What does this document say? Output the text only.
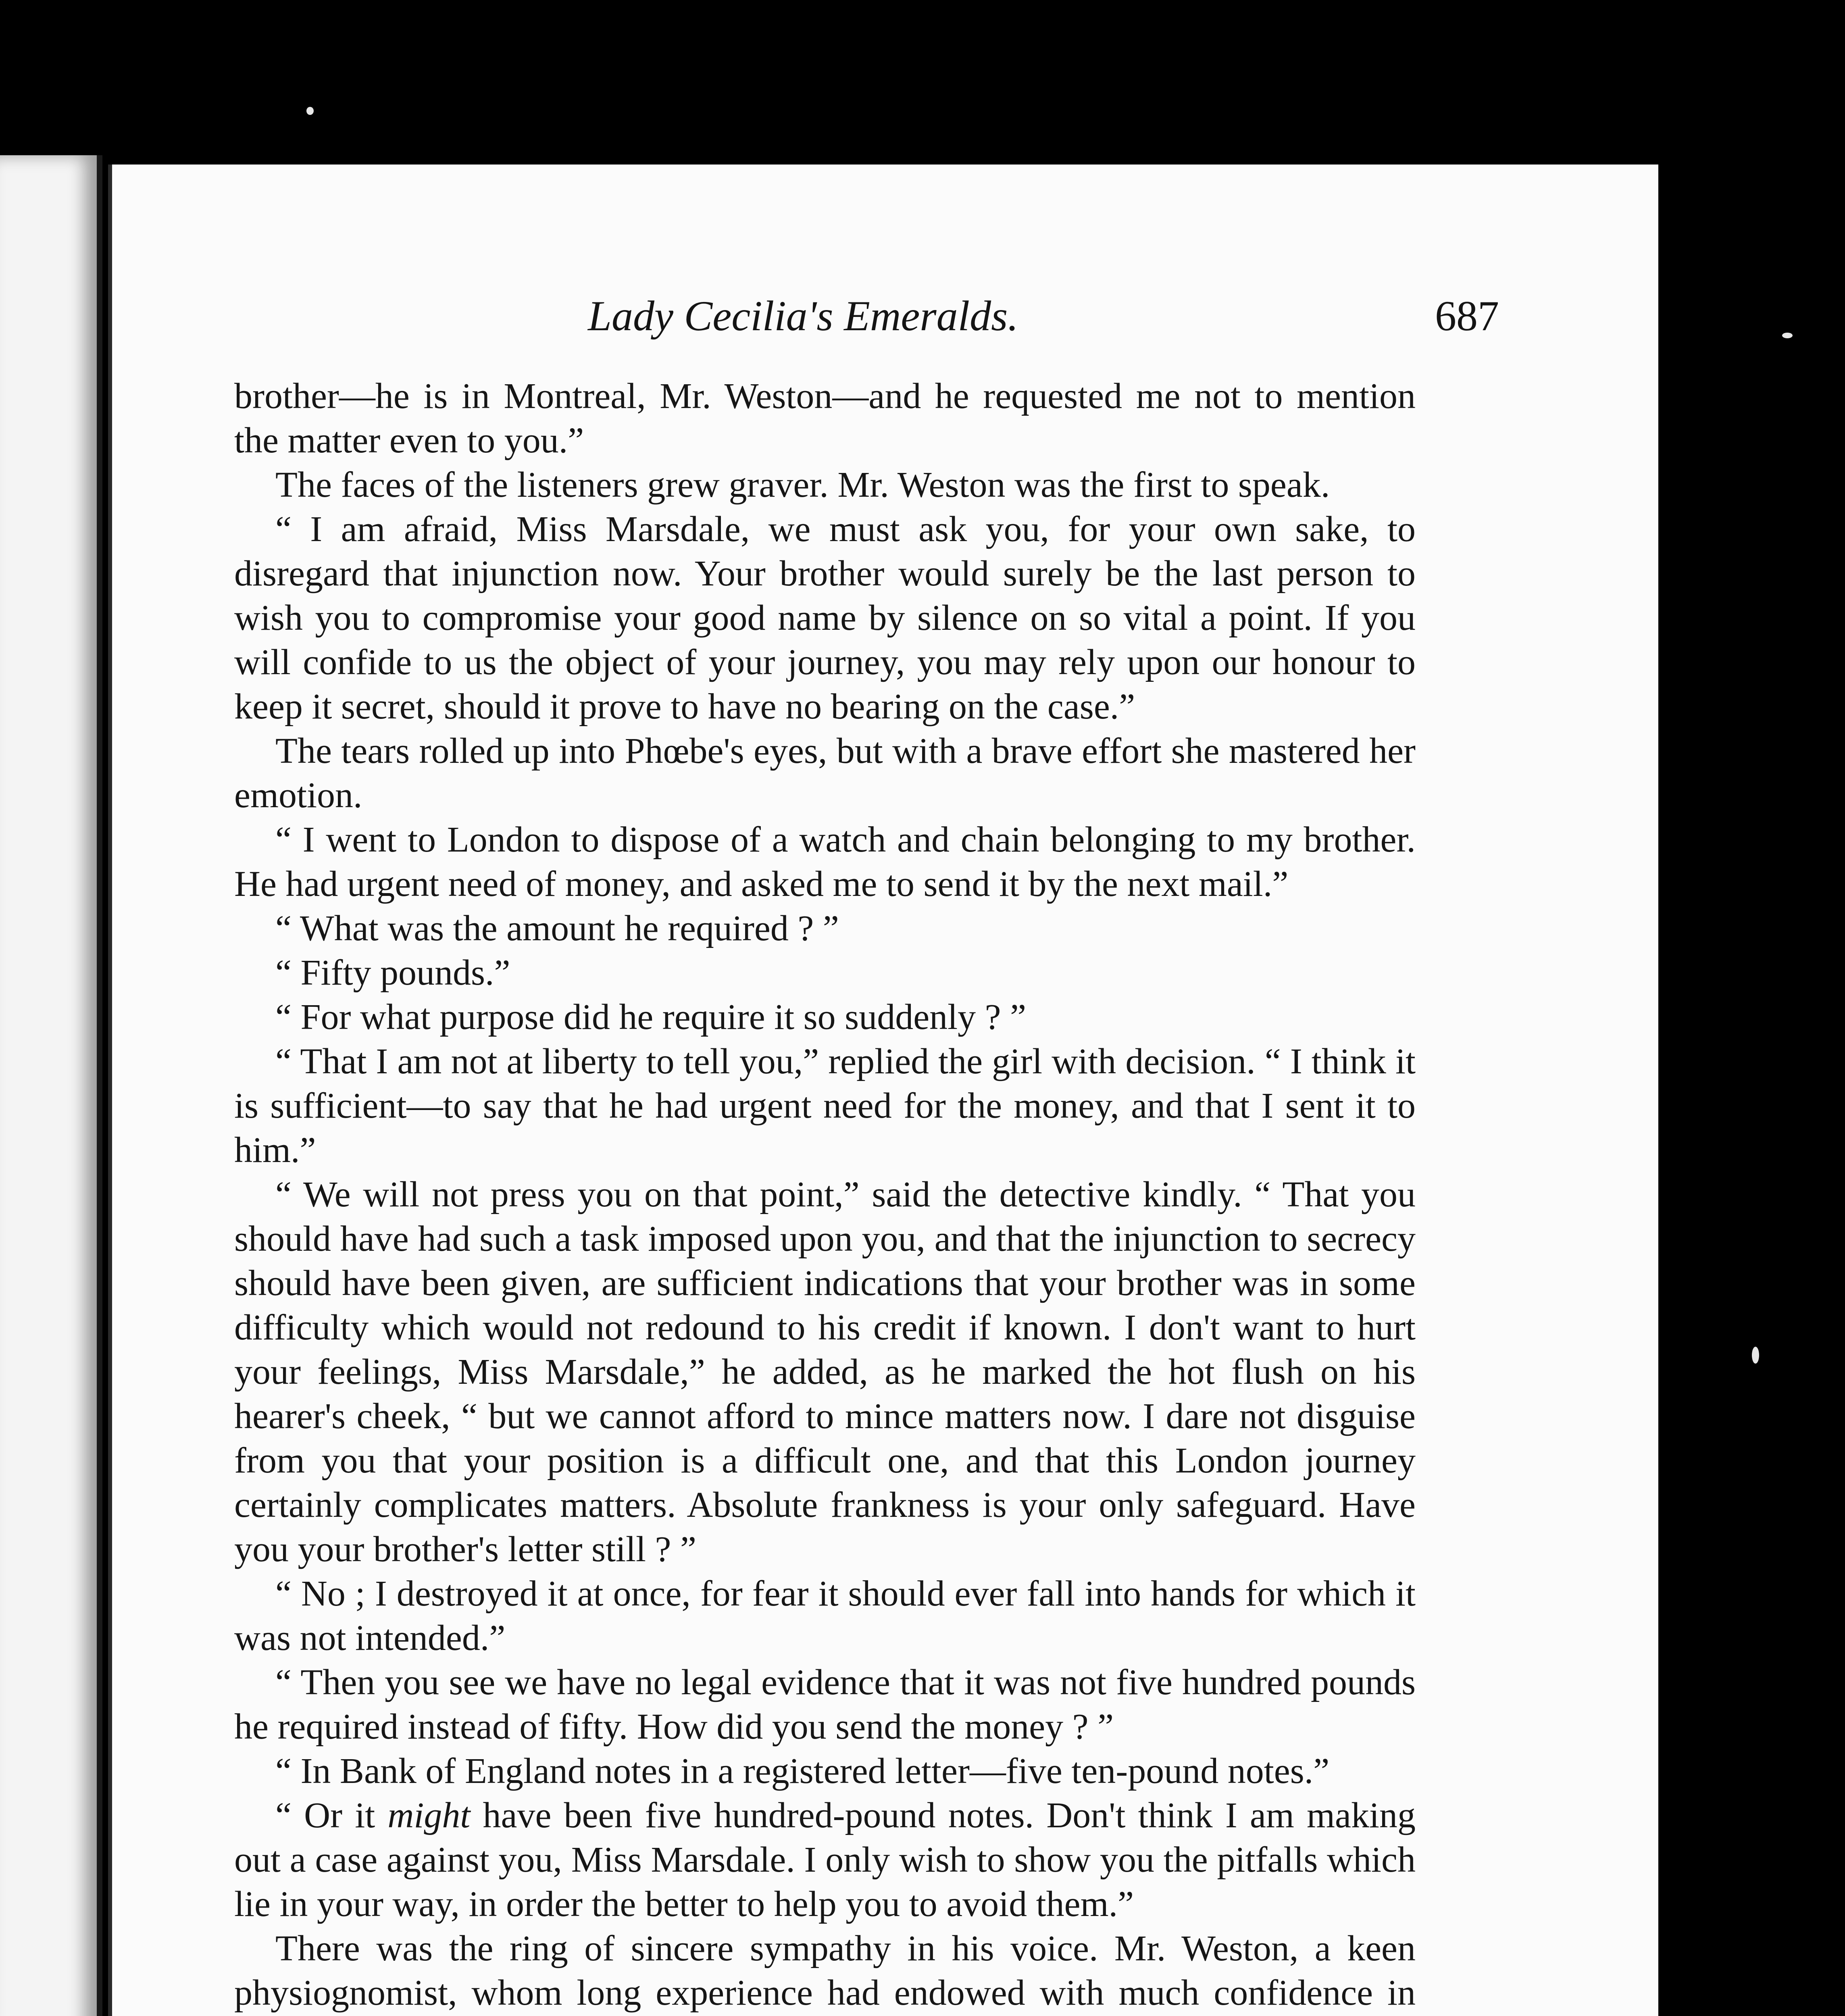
Lady Cecilia's Emeralds.	687

brother—he is in Montreal, Mr. Weston—and he requested me not to mention the matter even to you.”

The faces of the listeners grew graver. Mr. Weston was the first to speak.

“ I am afraid, Miss Marsdale, we must ask you, for your own sake, to disregard that injunction now. Your brother would surely be the last person to wish you to compromise your good name by silence on so vital a point. If you will confide to us the object of your journey, you may rely upon our honour to keep it secret, should it prove to have no bearing on the case.”

The tears rolled up into Phœbe's eyes, but with a brave effort she mastered her emotion.

“ I went to London to dispose of a watch and chain belonging to my brother. He had urgent need of money, and asked me to send it by the next mail.”

“ What was the amount he required ? ”

“ Fifty pounds.”

“ For what purpose did he require it so suddenly ? ”

“ That I am not at liberty to tell you,” replied the girl with decision. “ I think it is sufficient—to say that he had urgent need for the money, and that I sent it to him.”

“ We will not press you on that point,” said the detective kindly. “ That you should have had such a task imposed upon you, and that the injunction to secrecy should have been given, are sufficient indications that your brother was in some difficulty which would not redound to his credit if known. I don't want to hurt your feelings, Miss Marsdale,” he added, as he marked the hot flush on his hearer's cheek, “ but we cannot afford to mince matters now. I dare not disguise from you that your position is a difficult one, and that this London journey certainly complicates matters. Absolute frankness is your only safeguard. Have you your brother's letter still ? ”

“ No ; I destroyed it at once, for fear it should ever fall into hands for which it was not intended.”

“ Then you see we have no legal evidence that it was not five hundred pounds he required instead of fifty. How did you send the money ? ”

“ In Bank of England notes in a registered letter—five ten-pound notes.”

“ Or it might have been five hundred-pound notes. Don't think I am making out a case against you, Miss Marsdale. I only wish to show you the pitfalls which lie in your way, in order the better to help you to avoid them.”

There was the ring of sincere sympathy in his voice. Mr. Weston, a keen physiognomist, whom long experience had endowed with much confidence in
